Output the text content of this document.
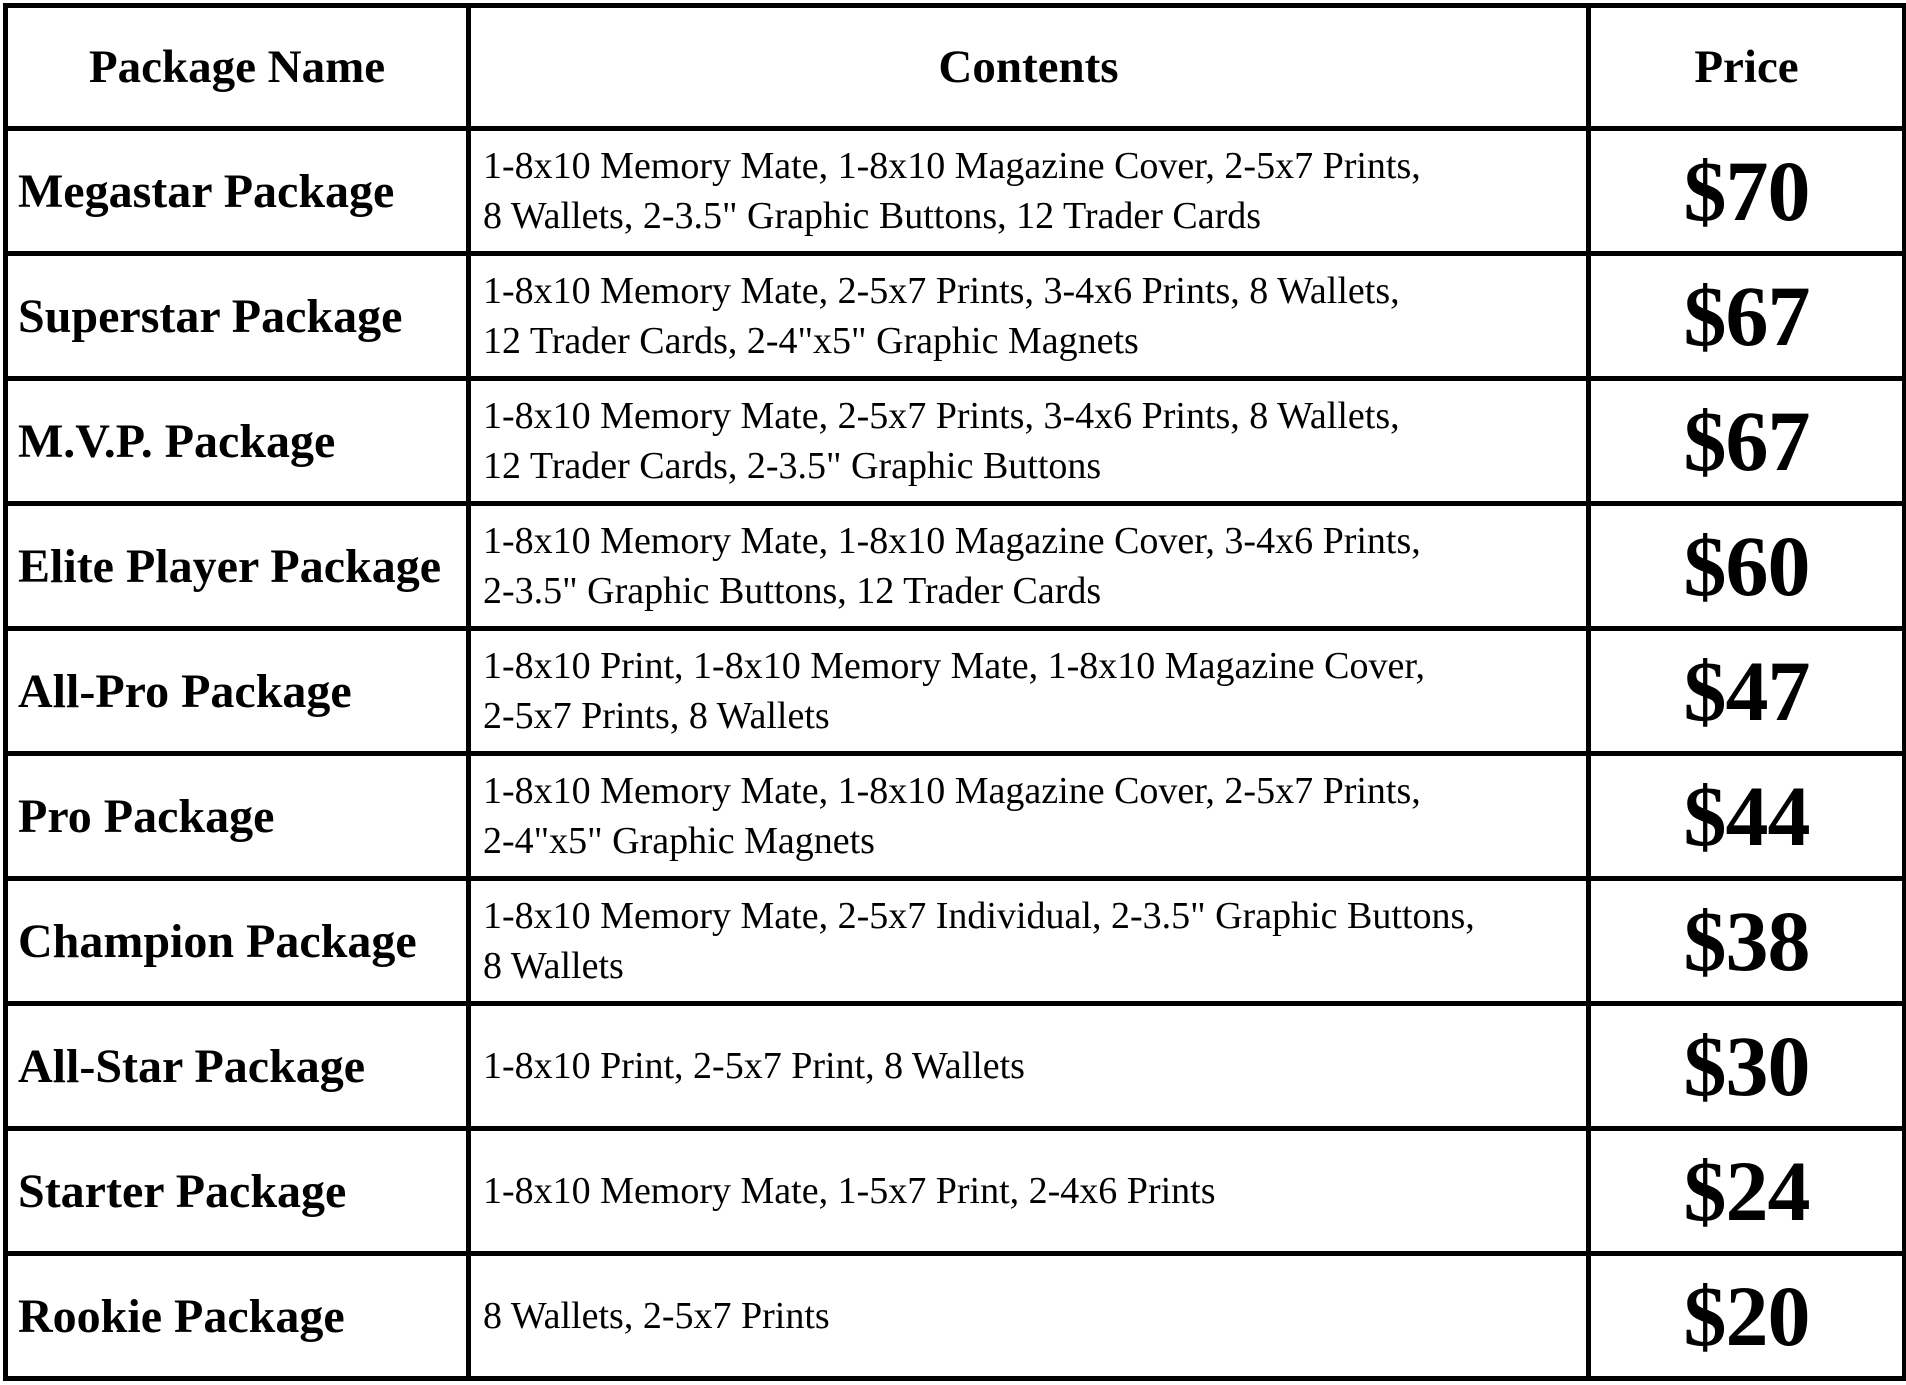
Package Name	Contents	Price
Megastar Package	1-8x10 Memory Mate, 1-8x10 Magazine Cover, 2-5x7 Prints,
8 Wallets, 2-3.5" Graphic Buttons, 12 Trader Cards	$70
Superstar Package	1-8x10 Memory Mate, 2-5x7 Prints, 3-4x6 Prints, 8 Wallets,
12 Trader Cards, 2-4"x5" Graphic Magnets	$67
M.V.P. Package	1-8x10 Memory Mate, 2-5x7 Prints, 3-4x6 Prints, 8 Wallets,
12 Trader Cards, 2-3.5" Graphic Buttons	$67
Elite Player Package	1-8x10 Memory Mate, 1-8x10 Magazine Cover, 3-4x6 Prints,
2-3.5" Graphic Buttons, 12 Trader Cards	$60
All-Pro Package	1-8x10 Print, 1-8x10 Memory Mate, 1-8x10 Magazine Cover,
2-5x7 Prints, 8 Wallets	$47
Pro Package	1-8x10 Memory Mate, 1-8x10 Magazine Cover, 2-5x7 Prints,
2-4"x5" Graphic Magnets	$44
Champion Package	1-8x10 Memory Mate, 2-5x7 Individual, 2-3.5" Graphic Buttons,
8 Wallets	$38
All-Star Package	1-8x10 Print, 2-5x7 Print, 8 Wallets	$30
Starter Package	1-8x10 Memory Mate, 1-5x7 Print, 2-4x6 Prints	$24
Rookie Package	8 Wallets, 2-5x7 Prints	$20
